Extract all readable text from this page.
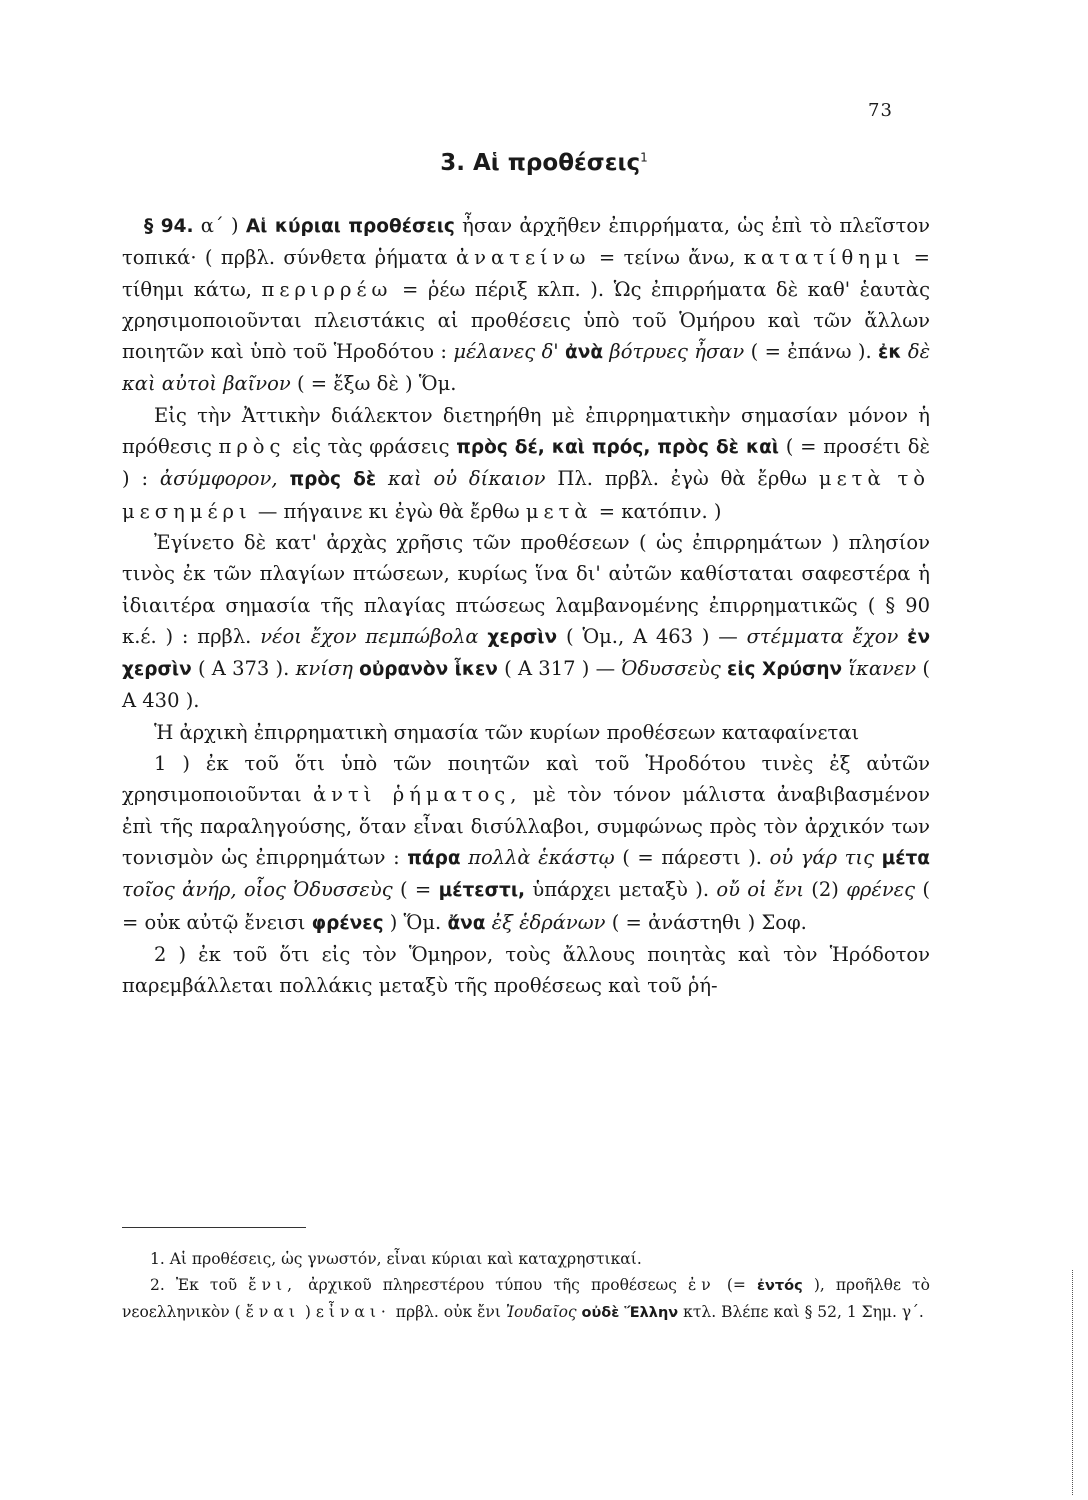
73
3. Αἱ προθέσεις$^1$

§ 94. α΄ ) Αἱ κύριαι προθέσεις ἦσαν ἀρχῆθεν ἐπιρρήματα, ὡς ἐπὶ τὸ πλεῖστον τοπικά· ( πρβλ. σύνθετα ῥήματα ἀνατείνω = τείνω ἄνω, κατατίθημι = τίθημι κάτω, περιρρέω = ῥέω πέριξ κλπ. ). Ὡς ἐπιρρήματα δὲ καθ' ἑαυτὰς χρησιμοποιοῦνται πλειστάκις αἱ προθέσεις ὑπὸ τοῦ Ὁμήρου καὶ τῶν ἄλλων ποιητῶν καὶ ὑπὸ τοῦ Ἡροδότου : μέλανες δ' ἀνὰ βότρυες ἦσαν ( = ἐπάνω ). ἐκ δὲ καὶ αὐτοὶ βαῖνον ( = ἔξω δὲ ) Ὅμ.

Εἰς τὴν Ἀττικὴν διάλεκτον διετηρήθη μὲ ἐπιρρηματικὴν σημασίαν μόνον ἡ πρόθεσις πρὸς εἰς τὰς φράσεις πρὸς δέ, καὶ πρός, πρὸς δὲ καὶ ( = προσέτι δὲ ) : ἀσύμφορον, πρὸς δὲ καὶ οὐ δίκαιον Πλ. πρβλ. ἐγὼ θὰ ἔρθω μετὰ τὸ μεσημέρι — πήγαινε κι ἐγὼ θὰ ἔρθω μετὰ = κατόπιν. )

Ἐγίνετο δὲ κατ' ἀρχὰς χρῆσις τῶν προθέσεων ( ὡς ἐπιρρημάτων ) πλησίον τινὸς ἐκ τῶν πλαγίων πτώσεων, κυρίως ἵνα δι' αὐτῶν καθίσταται σαφεστέρα ἡ ἰδιαιτέρα σημασία τῆς πλαγίας πτώσεως λαμβανομένης ἐπιρρηματικῶς ( § 90 κ.έ. ) : πρβλ. νέοι ἔχον πεμπώβολα χερσὶν ( Ὁμ., Α 463 ) — στέμματα ἔχον ἐν χερσὶν ( Α 373 ). κνίση οὐρανὸν ἷκεν ( Α 317 ) — Ὀδυσσεὺς εἰς Χρύσην ἵκανεν ( Α 430 ).

Ἡ ἀρχικὴ ἐπιρρηματικὴ σημασία τῶν κυρίων προθέσεων καταφαίνεται

1 ) ἐκ τοῦ ὅτι ὑπὸ τῶν ποιητῶν καὶ τοῦ Ἡροδότου τινὲς ἐξ αὐτῶν χρησιμοποιοῦνται ἀντὶ ῥήματος, μὲ τὸν τόνον μάλιστα ἀναβιβασμένον ἐπὶ τῆς παραληγούσης, ὅταν εἶναι δισύλλαβοι, συμφώνως πρὸς τὸν ἀρχικόν των τονισμὸν ὡς ἐπιρρημάτων : πάρα πολλὰ ἑκάστῳ ( = πάρεστι ). οὐ γάρ τις μέτα τοῖος ἀνήρ, οἷος Ὀδυσσεὺς ( = μέτεστι, ὑπάρχει μεταξὺ ). οὔ οἱ ἔνι (2) φρένες ( = οὐκ αὐτῷ ἔνεισι φρένες ) Ὅμ. ἄνα ἐξ ἑδράνων ( = ἀνάστηθι ) Σοφ.

2 ) ἐκ τοῦ ὅτι εἰς τὸν Ὅμηρον, τοὺς ἄλλους ποιητὰς καὶ τὸν Ἡρόδοτον παρεμβάλλεται πολλάκις μεταξὺ τῆς προθέσεως καὶ τοῦ ῥή-

1. Αἱ προθέσεις, ὡς γνωστόν, εἶναι κύριαι καὶ καταχρηστικαί.

2. Ἐκ τοῦ ἔνι, ἀρχικοῦ πληρεστέρου τύπου τῆς προθέσεως ἐν (= ἐντός ), προῆλθε τὸ νεοελληνικὸν ( ἔναι ) εἶναι· πρβλ. οὐκ ἔνι Ἰουδαῖος οὐδὲ Ἕλλην κτλ. Βλέπε καὶ § 52, 1 Σημ. γ΄.
